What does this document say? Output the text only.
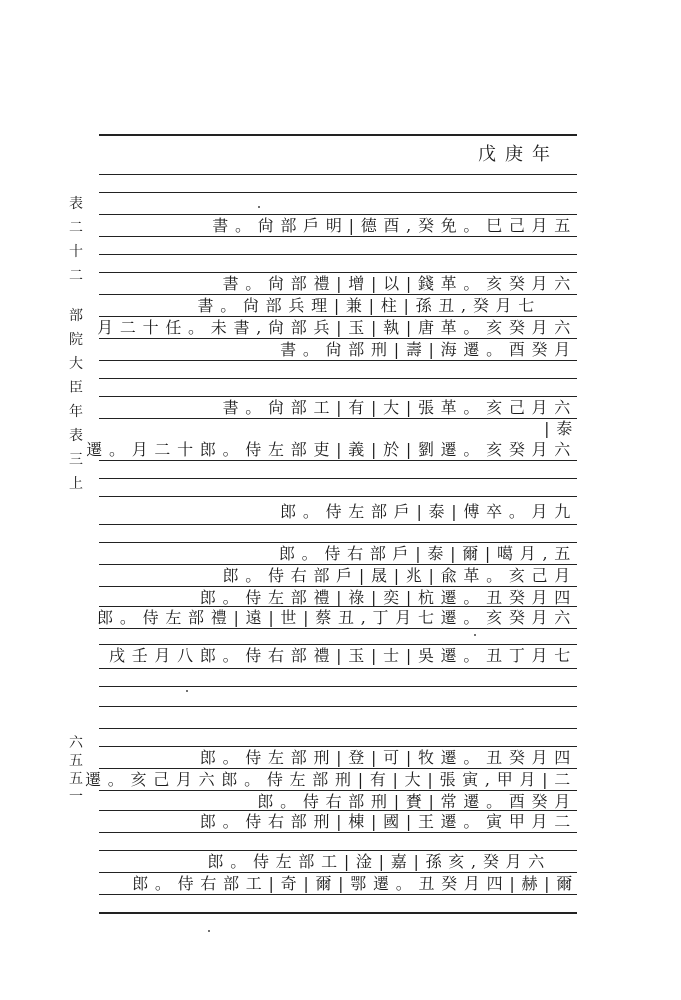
表
二
十
二
部
院
大
臣
年
表
三
上
六
五
五
一
戊庚年
書。尙部戶明|德酉,癸免。巳己月五
書。尙部禮|增|以|錢革。亥癸月六
書。尙部兵理|兼|柱|孫丑,癸月七
月二十任。未書,尙部兵|玉|執|唐革。亥癸月六
書。尙部刑|壽|海遷。酉癸月
書。尙部工|有|大|張革。亥己月六
|泰
遷。月二十郎。侍左部吏|義|於|劉遷。亥癸月六
郎。侍左部戶|泰|傅卒。月九
郎。侍右部戶|泰|爾|噶月,五
郎。侍右部戶|晟|兆|兪革。亥己月
郎。侍左部禮|祿|奕|杭遷。丑癸月四
郎。侍左部禮|遠|世|蔡丑,丁月七遷。亥癸月六
戌壬月八郎。侍右部禮|玉|士|吳遷。丑丁月七
郎。侍左部刑|登|可|牧遷。丑癸月四
遷。亥己月六郎。侍左部刑|有|大|張寅,甲月|二
郎。侍右部刑|賚|常遷。酉癸月
郎。侍右部刑|棟|國|王遷。寅甲月二
郎。侍左部工|淦|嘉|孫亥,癸月六
郎。侍右部工|奇|爾|鄂遷。丑癸月四|赫|爾
